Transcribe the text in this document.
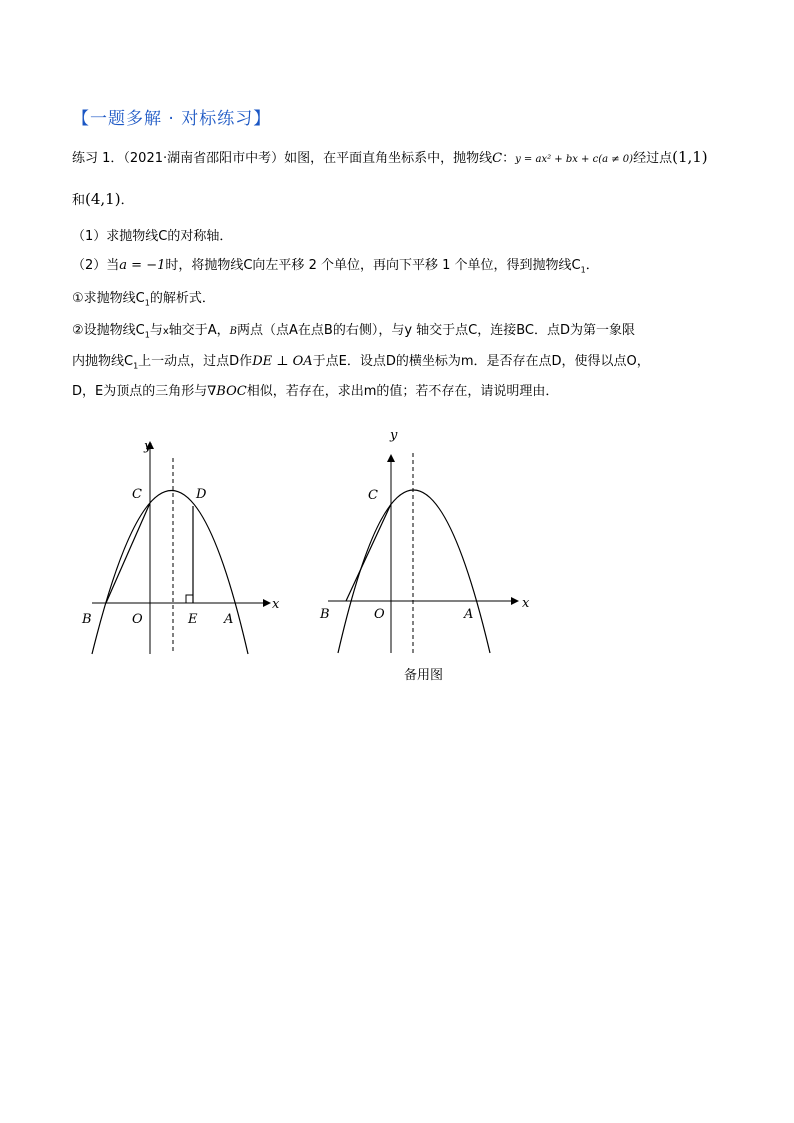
【一题多解 · 对标练习】
练习 1．（2021·湖南省邵阳市中考）如图，在平面直角坐标系中，抛物线C：y = ax² + bx + c(a ≠ 0)经过点(1,1)
和(4,1)．
（1）求抛物线C的对称轴．
（2）当a = −1时，将抛物线C向左平移 2 个单位，再向下平移 1 个单位，得到抛物线$C_1$．
①求抛物线$C_1$的解析式．
②设抛物线$C_1$与x轴交于A，B两点（点A在点B的右侧），与y 轴交于点C，连接BC．点D为第一象限
内抛物线$C_1$上一动点，过点D作DE ⊥ OA于点E．设点D的横坐标为m．是否存在点D，使得以点O，
D，E为顶点的三角形与∇BOC相似，若存在，求出m的值；若不存在，请说明理由．
y
x
C	D
B	O	E A
y
x
C
B	O	A
备用图
